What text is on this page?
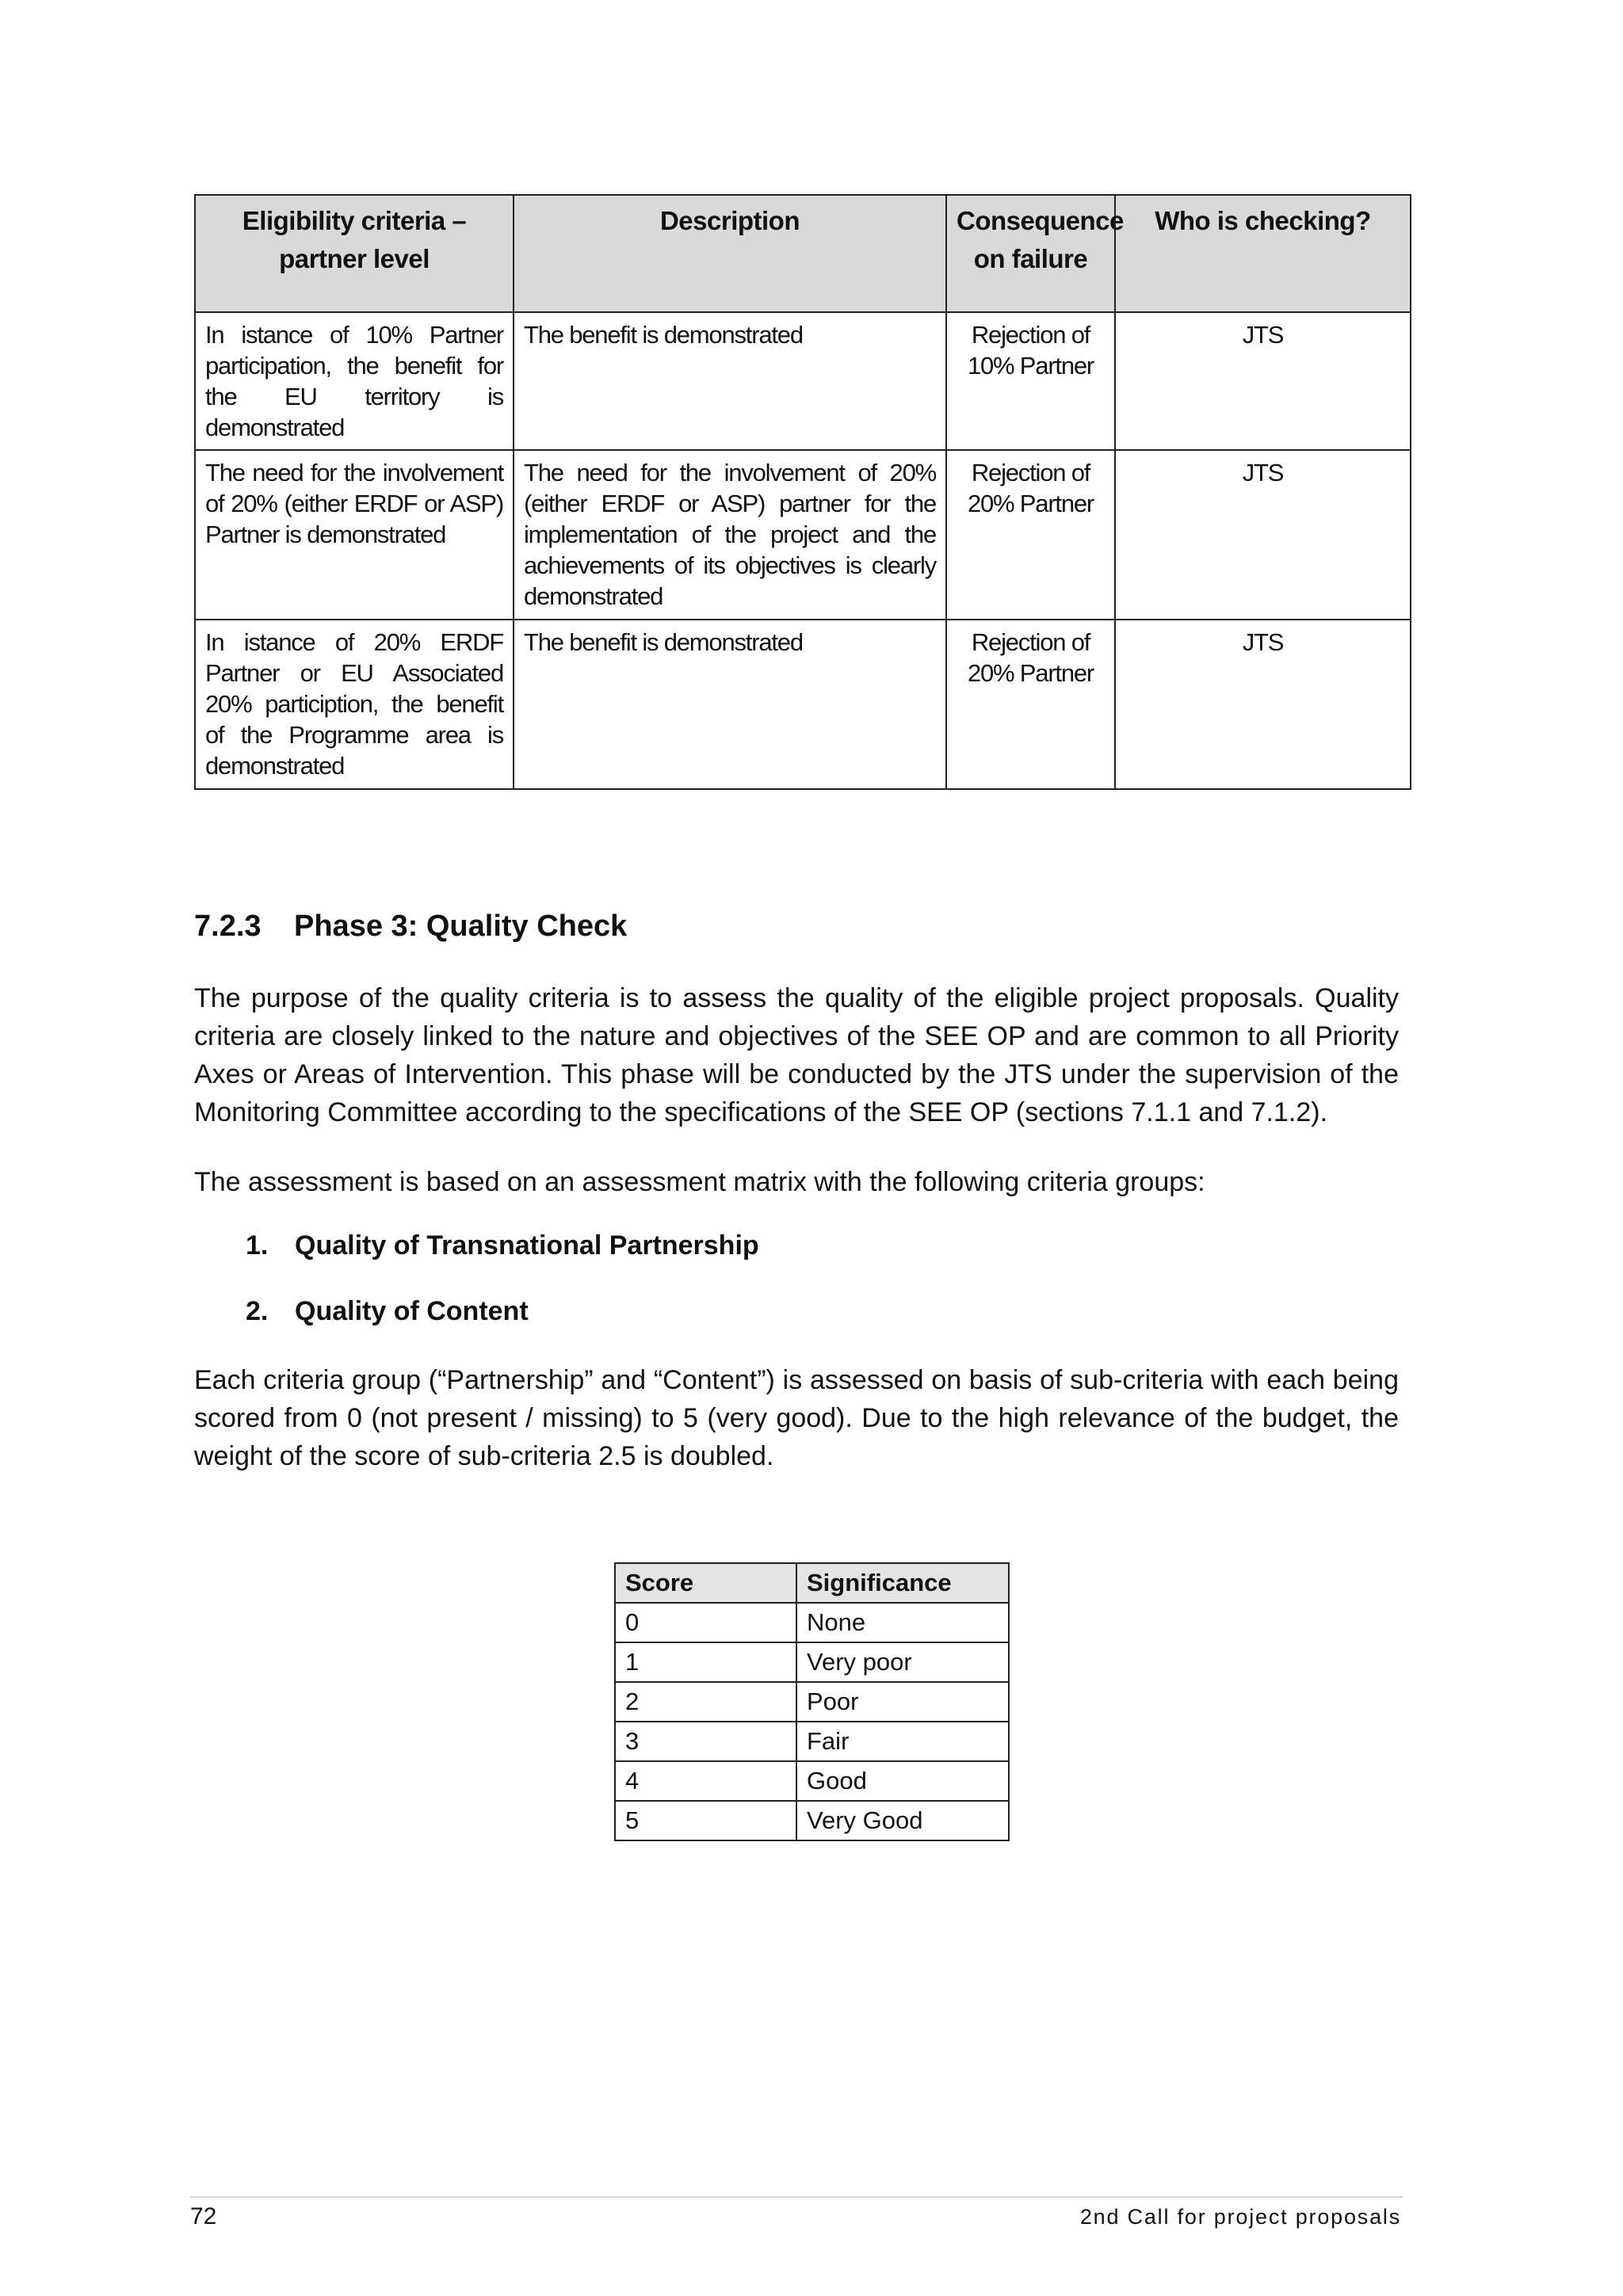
Eligibility criteria – partner level	Description	Consequence on failure	Who is checking?
In istance of 10% Partner participation, the benefit for the EU territory is demonstrated	The benefit is demonstrated	Rejection of 10% Partner	JTS
The need for the involvement of 20% (either ERDF or ASP) Partner is demonstrated	The need for the involvement of 20% (either ERDF or ASP) partner for the implementation of the project and the achievements of its objectives is clearly demonstrated	Rejection of 20% Partner	JTS
In istance of 20% ERDF Partner or EU Associated 20% particiption, the benefit of the Programme area is demonstrated	The benefit is demonstrated	Rejection of 20% Partner	JTS
7.2.3 Phase 3: Quality Check

The purpose of the quality criteria is to assess the quality of the eligible project proposals. Quality criteria are closely linked to the nature and objectives of the SEE OP and are common to all Priority Axes or Areas of Intervention. This phase will be conducted by the JTS under the supervision of the Monitoring Committee according to the specifications of the SEE OP (sections 7.1.1 and 7.1.2).

The assessment is based on an assessment matrix with the following criteria groups:

1. Quality of Transnational Partnership
2. Quality of Content

Each criteria group (“Partnership” and “Content”) is assessed on basis of sub-criteria with each being scored from 0 (not present / missing) to 5 (very good). Due to the high relevance of the budget, the weight of the score of sub-criteria 2.5 is doubled.

Score	Significance
0	None
1	Very poor
2	Poor
3	Fair
4	Good
5	Very Good
72	2nd Call for project proposals
